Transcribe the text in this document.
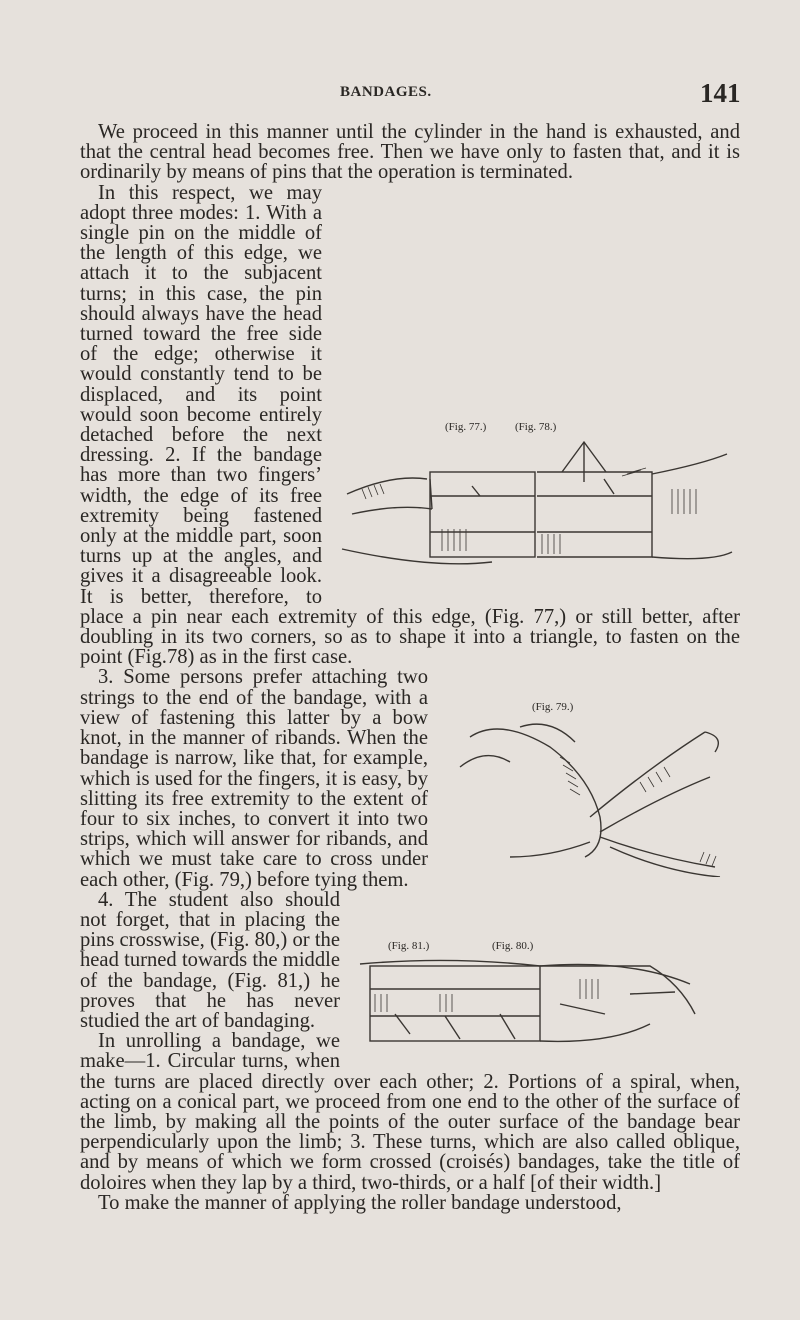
BANDAGES.	141

We proceed in this manner until the cylinder in the hand is exhausted, and that the central head becomes free. Then we have only to fasten that, and it is ordinarily by means of pins that the operation is terminated.

(Fig. 77.)	(Fig. 78.)

In this respect, we may adopt three modes: 1. With a single pin on the middle of the length of this edge, we attach it to the subjacent turns; in this case, the pin should always have the head turned toward the free side of the edge; otherwise it would constantly tend to be displaced, and its point would soon become entirely detached before the next dressing. 2. If the bandage has more than two fingers’ width, the edge of its free extremity being fastened only at the middle part, soon turns up at the angles, and gives it a disagreeable look. It is better, therefore, to place a pin near each extremity of this edge, (Fig. 77,) or still better, after doubling in its two corners, so as to shape it into a triangle, to fasten on the point (Fig.78) as in the first case.

(Fig. 79.)

3. Some persons prefer attaching two strings to the end of the bandage, with a view of fastening this latter by a bow knot, in the manner of ribands. When the bandage is narrow, like that, for example, which is used for the fingers, it is easy, by slitting its free extremity to the extent of four to six inches, to convert it into two strips, which will answer for ribands, and which we must take care to cross under each other, (Fig. 79,) before tying them.

(Fig. 81.)	(Fig. 80.)

4. The student also should not forget, that in placing the pins crosswise, (Fig. 80,) or the head turned towards the middle of the bandage, (Fig. 81,) he proves that he has never studied the art of bandaging.

In unrolling a bandage, we make—1. Circular turns, when the turns are placed directly over each other; 2. Portions of a spiral, when, acting on a conical part, we proceed from one end to the other of the surface of the limb, by making all the points of the outer surface of the bandage bear perpendicularly upon the limb; 3. These turns, which are also called oblique, and by means of which we form crossed (croisés) bandages, take the title of doloires when they lap by a third, two-thirds, or a half [of their width.]

To make the manner of applying the roller bandage understood,
